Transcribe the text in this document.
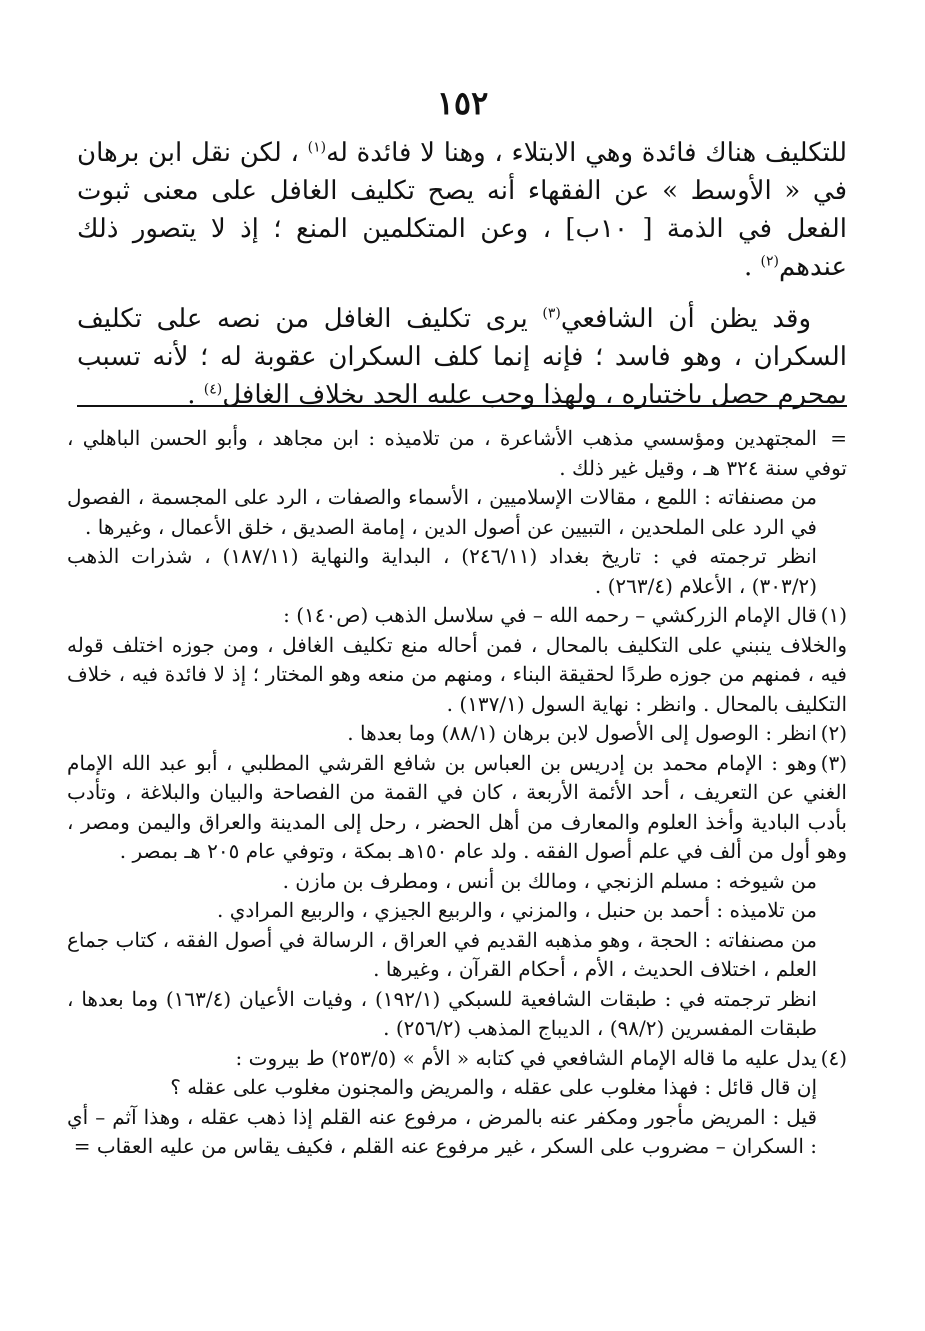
١٥٢

للتكليف هناك فائدة وهي الابتلاء ، وهنا لا فائدة له$^{(١)}$ ، لكن نقل ابن برهان في « الأوسط » عن الفقهاء أنه يصح تكليف الغافل على معنى ثبوت الفعل في الذمة [ ١٠ب] ، وعن المتكلمين المنع ؛ إذ لا يتصور ذلك عندهم$^{(٢)}$ .

وقد يظن أن الشافعي$^{(٣)}$ يرى تكليف الغافل من نصه على تكليف السكران ، وهو فاسد ؛ فإنه إنما كلف السكران عقوبة له ؛ لأنه تسبب بمحرم حصل باختياره ، ولهذا وجب عليه الحد بخلاف الغافل$^{(٤)}$ .

=المجتهدين ومؤسسي مذهب الأشاعرة ، من تلاميذه : ابن مجاهد ، وأبو الحسن الباهلي ، توفي سنة ٣٢٤ هـ ، وقيل غير ذلك .

من مصنفاته : اللمع ، مقالات الإسلاميين ، الأسماء والصفات ، الرد على المجسمة ، الفصول في الرد على الملحدين ، التبيين عن أصول الدين ، إمامة الصديق ، خلق الأعمال ، وغيرها .

انظر ترجمته في : تاريخ بغداد (٢٤٦/١١) ، البداية والنهاية (١٨٧/١١) ، شذرات الذهب (٣٠٣/٢) ، الأعلام (٢٦٣/٤) .

(١)قال الإمام الزركشي – رحمه الله – في سلاسل الذهب (ص١٤٠) :

والخلاف ينبني على التكليف بالمحال ، فمن أحاله منع تكليف الغافل ، ومن جوزه اختلف قوله فيه ، فمنهم من جوزه طردًا لحقيقة البناء ، ومنهم من منعه وهو المختار ؛ إذ لا فائدة فيه ، خلاف التكليف بالمحال . وانظر : نهاية السول (١٣٧/١) .

(٢)انظر : الوصول إلى الأصول لابن برهان (٨٨/١) وما بعدها .

(٣)وهو : الإمام محمد بن إدريس بن العباس بن شافع القرشي المطلبي ، أبو عبد الله الإمام الغني عن التعريف ، أحد الأئمة الأربعة ، كان في القمة من الفصاحة والبيان والبلاغة ، وتأدب بأدب البادية وأخذ العلوم والمعارف من أهل الحضر ، رحل إلى المدينة والعراق واليمن ومصر ، وهو أول من ألف في علم أصول الفقه . ولد عام ١٥٠هـ بمكة ، وتوفي عام ٢٠٥ هـ بمصر .

من شيوخه : مسلم الزنجي ، ومالك بن أنس ، ومطرف بن مازن .

من تلاميذه : أحمد بن حنبل ، والمزني ، والربيع الجيزي ، والربيع المرادي .

من مصنفاته : الحجة ، وهو مذهبه القديم في العراق ، الرسالة في أصول الفقه ، كتاب جماع العلم ، اختلاف الحديث ، الأم ، أحكام القرآن ، وغيرها .

انظر ترجمته في : طبقات الشافعية للسبكي (١٩٢/١) ، وفيات الأعيان (١٦٣/٤) وما بعدها ، طبقات المفسرين (٩٨/٢) ، الديباج المذهب (٢٥٦/٢) .

(٤)يدل عليه ما قاله الإمام الشافعي في كتابه « الأم » (٢٥٣/٥) ط بيروت :

إن قال قائل : فهذا مغلوب على عقله ، والمريض والمجنون مغلوب على عقله ؟

قيل : المريض مأجور ومكفر عنه بالمرض ، مرفوع عنه القلم إذا ذهب عقله ، وهذا آثم – أي : السكران – مضروب على السكر ، غير مرفوع عنه القلم ، فكيف يقاس من عليه العقاب =
